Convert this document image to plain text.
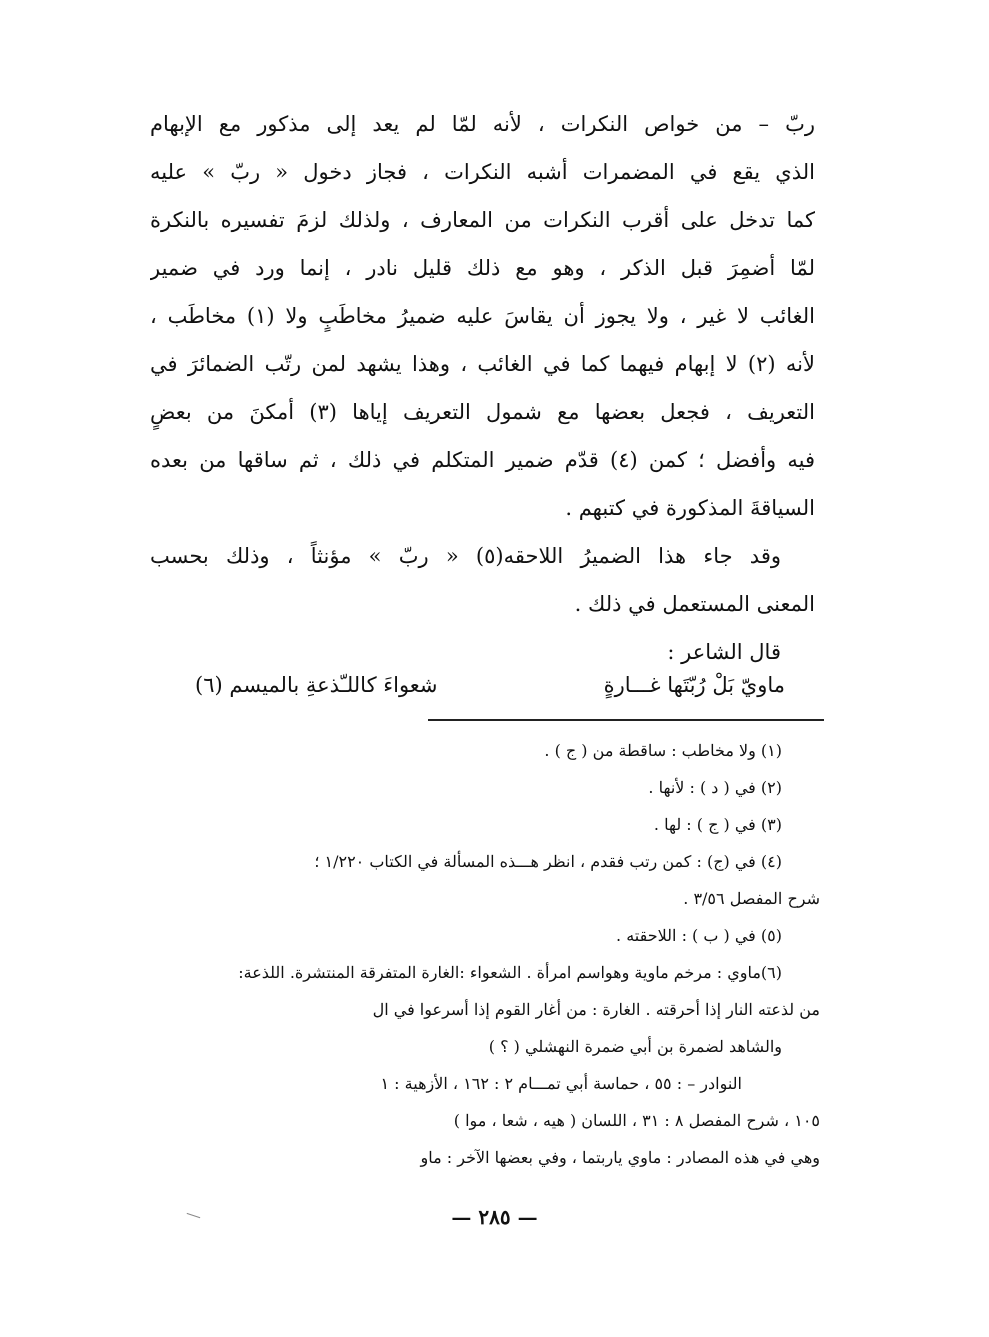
ُربّ – من خواص النكرات ، لأنه لمّا لم يعد إلى مذكور مع الإبهام
الذي يقع في المضمرات أشبه النكرات ، فجاز دخول « ربّ » عليه
كما تدخل على أقرب النكرات من المعارف ، ولذلك لزمَ تفسيره بالنكرة
لمّا أضمِرَ قبل الذكر ، وهو مع ذلك قليل نادر ، إنما ورد في ضمير
الغائب لا غير ، ولا يجوز أن يقاسَ عليه ضميرُ مخاطَبٍ ولا (١) مخاطَب ،
لأنه (٢) لا إبهام فيهما كما في الغائب ، وهذا يشهد لمن رتّب الضمائرَ في
التعريف ، فجعل بعضها مع شمول التعريف إياها (٣) أمكنَ من بعضٍ
فيه وأفضل ؛ كمن (٤) قدّم ضمير المتكلم في ذلك ، ثم ساقها من بعده
السياقةَ المذكورة في كتبهم .
وقد جاء هذا الضميرُ اللاحقه(٥) « ربّ » مؤنثاً ، وذلك بحسب
المعنى المستعمل في ذلك .
قال الشاعر :
ماويّ بَلْ رُبّتَها غـــارةٍ
شعواءَ كاللـّذعةِ بالميسم (٦)
(١) ولا مخاطب : ساقطة من ( ج ) .
(٢) في ( د ) : لأنها .
(٣) في ( ج ) : لها .
(٤) في (ج) : كمن رتب فقدم ، انظر هـــذه المسألة في الكتاب ١/٢٢٠ ؛
شرح المفصل ٣/٥٦ .
(٥) في ( ب ) : اللاحقته .
(٦)ماوي : مرخم ماوية وهواسم امرأة . الشعواء :الغارة المتفرقة المنتشرة. اللذعة:
من لذعته النار إذا أحرقته . الغارة : من أغار القوم إذا أسرعوا في ال
والشاهد لضمرة بن أبي ضمرة النهشلي ( ؟ )
النوادر – : ٥٥ ، حماسة أبي تمـــام ٢ : ١٦٢ ، الأزهية : ١
١٠٥ ، شرح المفصل ٨ : ٣١ ، اللسان ( هيه ، شعا ، موا )
وهي في هذه المصادر : ماوي ياربتما ، وفي بعضها الآخر : ماو
— ٢٨٥ —
